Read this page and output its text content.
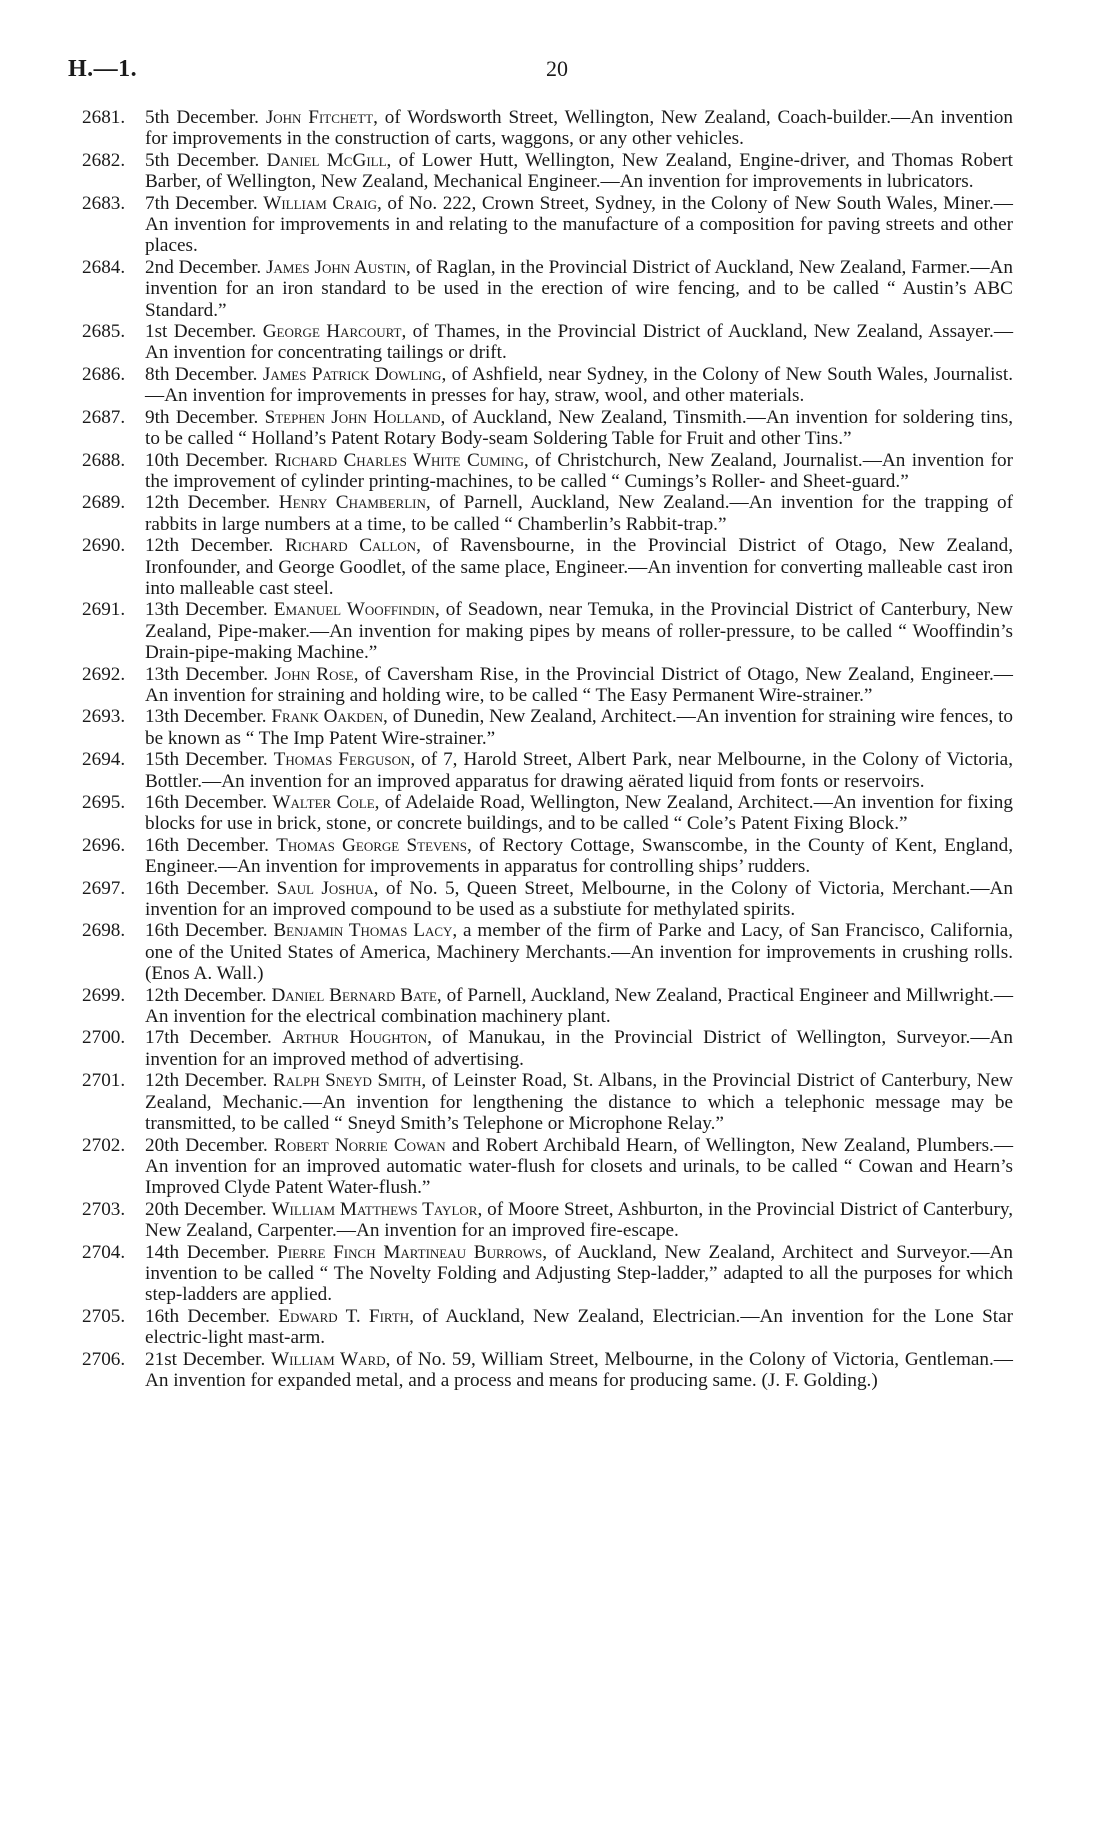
H.—1.	20
2681. 5th December. John Fitchett, of Wordsworth Street, Wellington, New Zealand, Coach-builder.—An invention for improvements in the construction of carts, waggons, or any other vehicles.
2682. 5th December. Daniel McGill, of Lower Hutt, Wellington, New Zealand, Engine-driver, and Thomas Robert Barber, of Wellington, New Zealand, Mechanical Engineer.—An invention for improvements in lubricators.
2683. 7th December. William Craig, of No. 222, Crown Street, Sydney, in the Colony of New South Wales, Miner.—An invention for improvements in and relating to the manufacture of a composition for paving streets and other places.
2684. 2nd December. James John Austin, of Raglan, in the Provincial District of Auckland, New Zealand, Farmer.—An invention for an iron standard to be used in the erection of wire fencing, and to be called “ Austin’s ABC Standard.”
2685. 1st December. George Harcourt, of Thames, in the Provincial District of Auckland, New Zealand, Assayer.—An invention for concentrating tailings or drift.
2686. 8th December. James Patrick Dowling, of Ashfield, near Sydney, in the Colony of New South Wales, Journalist.—An invention for improvements in presses for hay, straw, wool, and other materials.
2687. 9th December. Stephen John Holland, of Auckland, New Zealand, Tinsmith.—An invention for soldering tins, to be called “ Holland’s Patent Rotary Body-seam Soldering Table for Fruit and other Tins.”
2688. 10th December. Richard Charles White Cuming, of Christchurch, New Zealand, Journalist.—An invention for the improvement of cylinder printing-machines, to be called “ Cumings’s Roller- and Sheet-guard.”
2689. 12th December. Henry Chamberlin, of Parnell, Auckland, New Zealand.—An invention for the trapping of rabbits in large numbers at a time, to be called “ Chamberlin’s Rabbit-trap.”
2690. 12th December. Richard Callon, of Ravensbourne, in the Provincial District of Otago, New Zealand, Ironfounder, and George Goodlet, of the same place, Engineer.—An invention for converting malleable cast iron into malleable cast steel.
2691. 13th December. Emanuel Wooffindin, of Seadown, near Temuka, in the Provincial District of Canterbury, New Zealand, Pipe-maker.—An invention for making pipes by means of roller-pressure, to be called “ Wooffindin’s Drain-pipe-making Machine.”
2692. 13th December. John Rose, of Caversham Rise, in the Provincial District of Otago, New Zealand, Engineer.—An invention for straining and holding wire, to be called “ The Easy Permanent Wire-strainer.”
2693. 13th December. Frank Oakden, of Dunedin, New Zealand, Architect.—An invention for straining wire fences, to be known as “ The Imp Patent Wire-strainer.”
2694. 15th December. Thomas Ferguson, of 7, Harold Street, Albert Park, near Melbourne, in the Colony of Victoria, Bottler.—An invention for an improved apparatus for drawing aërated liquid from fonts or reservoirs.
2695. 16th December. Walter Cole, of Adelaide Road, Wellington, New Zealand, Architect.—An invention for fixing blocks for use in brick, stone, or concrete buildings, and to be called “ Cole’s Patent Fixing Block.”
2696. 16th December. Thomas George Stevens, of Rectory Cottage, Swanscombe, in the County of Kent, England, Engineer.—An invention for improvements in apparatus for controlling ships’ rudders.
2697. 16th December. Saul Joshua, of No. 5, Queen Street, Melbourne, in the Colony of Victoria, Merchant.—An invention for an improved compound to be used as a substiute for methylated spirits.
2698. 16th December. Benjamin Thomas Lacy, a member of the firm of Parke and Lacy, of San Francisco, California, one of the United States of America, Machinery Merchants.—An invention for improvements in crushing rolls. (Enos A. Wall.)
2699. 12th December. Daniel Bernard Bate, of Parnell, Auckland, New Zealand, Practical Engineer and Millwright.—An invention for the electrical combination machinery plant.
2700. 17th December. Arthur Houghton, of Manukau, in the Provincial District of Wellington, Surveyor.—An invention for an improved method of advertising.
2701. 12th December. Ralph Sneyd Smith, of Leinster Road, St. Albans, in the Provincial District of Canterbury, New Zealand, Mechanic.—An invention for lengthening the distance to which a telephonic message may be transmitted, to be called “ Sneyd Smith’s Telephone or Microphone Relay.”
2702. 20th December. Robert Norrie Cowan and Robert Archibald Hearn, of Wellington, New Zealand, Plumbers.—An invention for an improved automatic water-flush for closets and urinals, to be called “ Cowan and Hearn’s Improved Clyde Patent Water-flush.”
2703. 20th December. William Matthews Taylor, of Moore Street, Ashburton, in the Provincial District of Canterbury, New Zealand, Carpenter.—An invention for an improved fire-escape.
2704. 14th December. Pierre Finch Martineau Burrows, of Auckland, New Zealand, Architect and Surveyor.—An invention to be called “ The Novelty Folding and Adjusting Step-ladder,” adapted to all the purposes for which step-ladders are applied.
2705. 16th December. Edward T. Firth, of Auckland, New Zealand, Electrician.—An invention for the Lone Star electric-light mast-arm.
2706. 21st December. William Ward, of No. 59, William Street, Melbourne, in the Colony of Victoria, Gentleman.—An invention for expanded metal, and a process and means for producing same. (J. F. Golding.)
